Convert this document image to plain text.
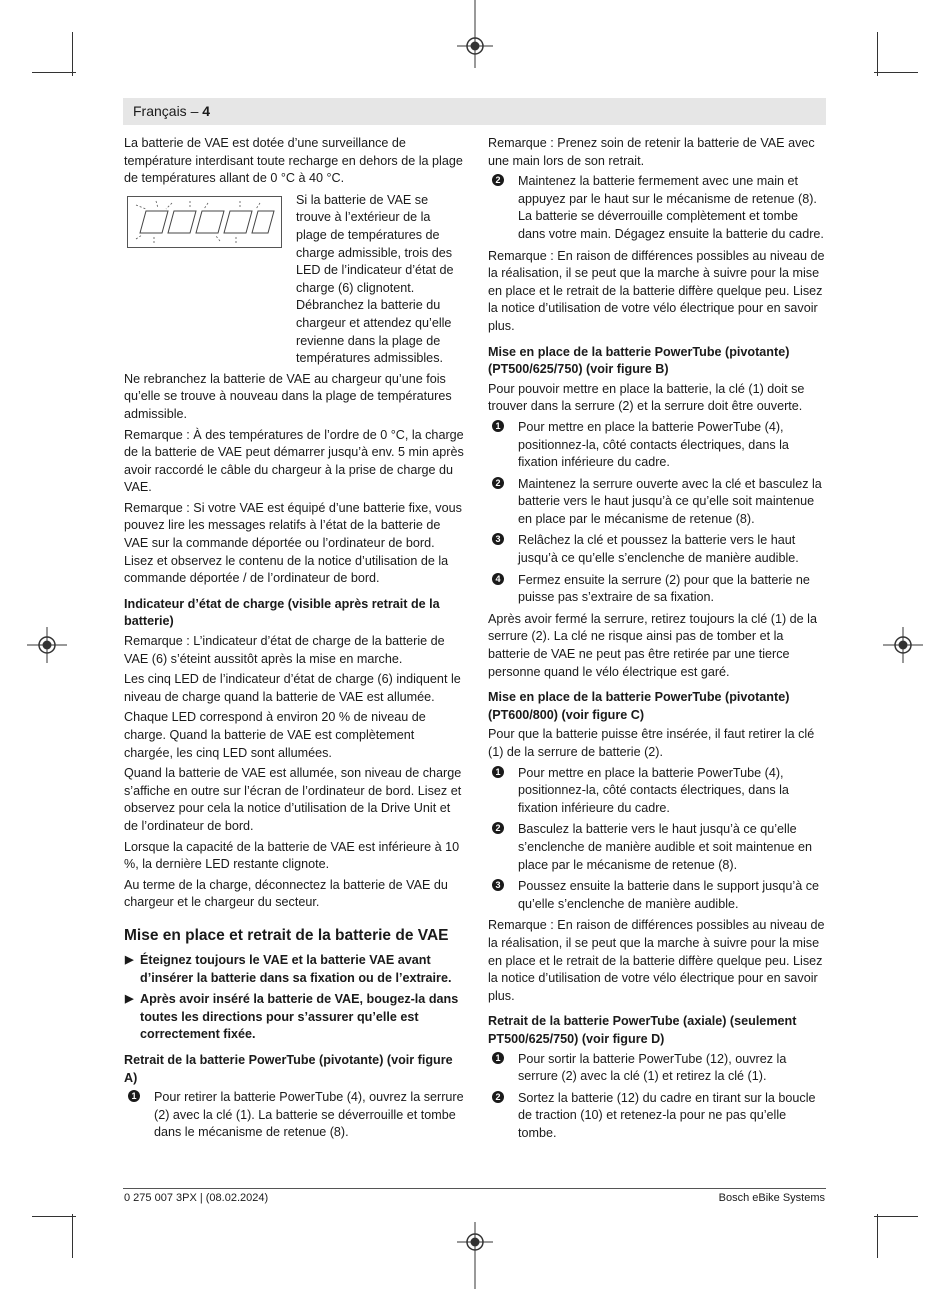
Français – 4

La batterie de VAE est dotée d’une surveillance de température interdisant toute recharge en dehors de la plage de températures allant de 0 °C à 40 °C.

Si la batterie de VAE se trouve à l’extérieur de la plage de températures de charge admissible, trois des LED de l’indicateur d’état de charge (6) clignotent. Débranchez la batterie du chargeur et attendez qu’elle revienne dans la plage de températures admissibles.

Ne rebranchez la batterie de VAE au chargeur qu’une fois qu’elle se trouve à nouveau dans la plage de températures admissible.

Remarque : À des températures de l’ordre de 0 °C, la charge de la batterie de VAE peut démarrer jusqu’à env. 5 min après avoir raccordé le câble du chargeur à la prise de charge du VAE.

Remarque : Si votre VAE est équipé d’une batterie fixe, vous pouvez lire les messages relatifs à l’état de la batterie de VAE sur la commande déportée ou l’ordinateur de bord. Lisez et observez le contenu de la notice d’utilisation de la commande déportée / de l’ordinateur de bord.

Indicateur d’état de charge (visible après retrait de la batterie)

Remarque : L’indicateur d’état de charge de la batterie de VAE (6) s’éteint aussitôt après la mise en marche.

Les cinq LED de l’indicateur d’état de charge (6) indiquent le niveau de charge quand la batterie de VAE est allumée.

Chaque LED correspond à environ 20 % de niveau de charge. Quand la batterie de VAE est complètement chargée, les cinq LED sont allumées.

Quand la batterie de VAE est allumée, son niveau de charge s’affiche en outre sur l’écran de l’ordinateur de bord. Lisez et observez pour cela la notice d’utilisation de la Drive Unit et de l’ordinateur de bord.

Lorsque la capacité de la batterie de VAE est inférieure à 10 %, la dernière LED restante clignote.

Au terme de la charge, déconnectez la batterie de VAE du chargeur et le chargeur du secteur.

Mise en place et retrait de la batterie de VAE

▶ Éteignez toujours le VAE et la batterie VAE avant d’insérer la batterie dans sa fixation ou de l’extraire.
▶ Après avoir inséré la batterie de VAE, bougez-la dans toutes les directions pour s’assurer qu’elle est correctement fixée.

Retrait de la batterie PowerTube (pivotante) (voir figure A)

1 Pour retirer la batterie PowerTube (4), ouvrez la serrure (2) avec la clé (1). La batterie se déverrouille et tombe dans le mécanisme de retenue (8).

Remarque : Prenez soin de retenir la batterie de VAE avec une main lors de son retrait.

2 Maintenez la batterie fermement avec une main et appuyez par le haut sur le mécanisme de retenue (8). La batterie se déverrouille complètement et tombe dans votre main. Dégagez ensuite la batterie du cadre.

Remarque : En raison de différences possibles au niveau de la réalisation, il se peut que la marche à suivre pour la mise en place et le retrait de la batterie diffère quelque peu. Lisez la notice d’utilisation de votre vélo électrique pour en savoir plus.

Mise en place de la batterie PowerTube (pivotante) (PT500/625/750) (voir figure B)

Pour pouvoir mettre en place la batterie, la clé (1) doit se trouver dans la serrure (2) et la serrure doit être ouverte.

1 Pour mettre en place la batterie PowerTube (4), positionnez-la, côté contacts électriques, dans la fixation inférieure du cadre.
2 Maintenez la serrure ouverte avec la clé et basculez la batterie vers le haut jusqu’à ce qu’elle soit maintenue en place par le mécanisme de retenue (8).
3 Relâchez la clé et poussez la batterie vers le haut jusqu’à ce qu’elle s’enclenche de manière audible.
4 Fermez ensuite la serrure (2) pour que la batterie ne puisse pas s’extraire de sa fixation.

Après avoir fermé la serrure, retirez toujours la clé (1) de la serrure (2). La clé ne risque ainsi pas de tomber et la batterie de VAE ne peut pas être retirée par une tierce personne quand le vélo électrique est garé.

Mise en place de la batterie PowerTube (pivotante) (PT600/800) (voir figure C)

Pour que la batterie puisse être insérée, il faut retirer la clé (1) de la serrure de batterie (2).

1 Pour mettre en place la batterie PowerTube (4), positionnez-la, côté contacts électriques, dans la fixation inférieure du cadre.
2 Basculez la batterie vers le haut jusqu’à ce qu’elle s’enclenche de manière audible et soit maintenue en place par le mécanisme de retenue (8).
3 Poussez ensuite la batterie dans le support jusqu’à ce qu’elle s’enclenche de manière audible.

Remarque : En raison de différences possibles au niveau de la réalisation, il se peut que la marche à suivre pour la mise en place et le retrait de la batterie diffère quelque peu. Lisez la notice d’utilisation de votre vélo électrique pour en savoir plus.

Retrait de la batterie PowerTube (axiale) (seulement PT500/625/750) (voir figure D)

1 Pour sortir la batterie PowerTube (12), ouvrez la serrure (2) avec la clé (1) et retirez la clé (1).
2 Sortez la batterie (12) du cadre en tirant sur la boucle de traction (10) et retenez-la pour ne pas qu’elle tombe.
0 275 007 3PX | (08.02.2024)	Bosch eBike Systems
